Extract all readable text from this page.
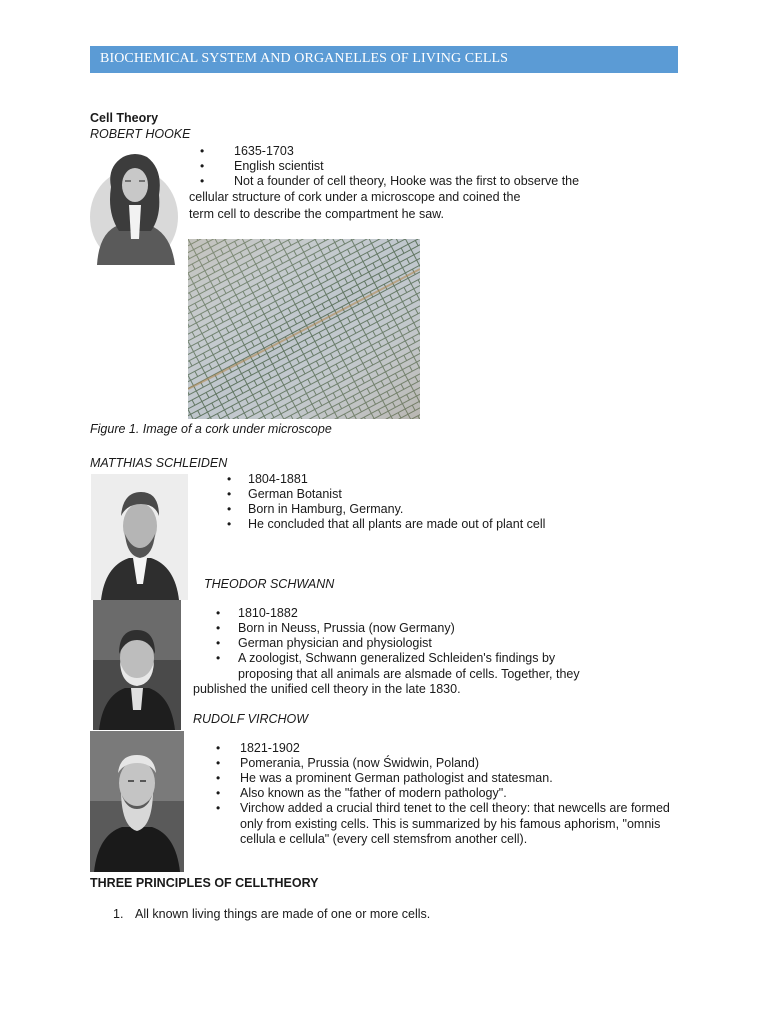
BIOCHEMICAL SYSTEM AND ORGANELLES OF LIVING CELLS
Cell Theory
ROBERT HOOKE
• 1635-1703
• English scientist
• Not a founder of cell theory, Hooke was the first to observe the
cellular structure of cork under a microscope and coined the
term cell to describe the compartment he saw.
Figure 1. Image of a cork under microscope
MATTHIAS SCHLEIDEN
• 1804-1881
• German Botanist
• Born in Hamburg, Germany.
• He concluded that all plants are made out of plant cell
THEODOR SCHWANN
• 1810-1882
• Born in Neuss, Prussia (now Germany)
• German physician and physiologist
• A zoologist, Schwann generalized Schleiden's findings by
proposing that all animals are alsmade of cells. Together, they
published the unified cell theory in the late 1830.
RUDOLF VIRCHOW
• 1821-1902
• Pomerania, Prussia (now Świdwin, Poland)
• He was a prominent German pathologist and statesman.
• Also known as the "father of modern pathology".
• Virchow added a crucial third tenet to the cell theory: that newcells are formed
only from existing cells. This is summarized by his famous aphorism, "omnis
cellula e cellula" (every cell stemsfrom another cell).
THREE PRINCIPLES OF CELLTHEORY
1. All known living things are made of one or more cells.
